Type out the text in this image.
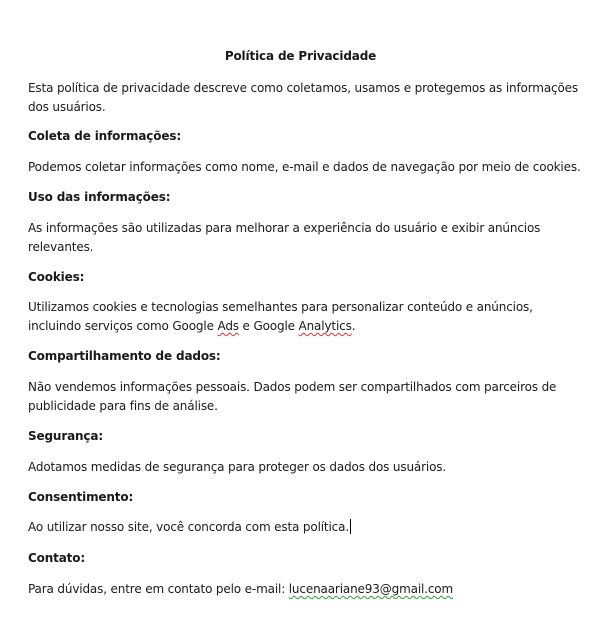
Política de Privacidade
Esta política de privacidade descreve como coletamos, usamos e protegemos as informações
dos usuários.
Coleta de informações:
Podemos coletar informações como nome, e-mail e dados de navegação por meio de cookies.
Uso das informações:
As informações são utilizadas para melhorar a experiência do usuário e exibir anúncios
relevantes.
Cookies:
Utilizamos cookies e tecnologias semelhantes para personalizar conteúdo e anúncios,
incluindo serviços como Google Ads e Google Analytics.
Compartilhamento de dados:
Não vendemos informações pessoais. Dados podem ser compartilhados com parceiros de
publicidade para fins de análise.
Segurança:
Adotamos medidas de segurança para proteger os dados dos usuários.
Consentimento:
Ao utilizar nosso site, você concorda com esta política.
Contato:
Para dúvidas, entre em contato pelo e-mail: lucenaariane93@gmail.com
